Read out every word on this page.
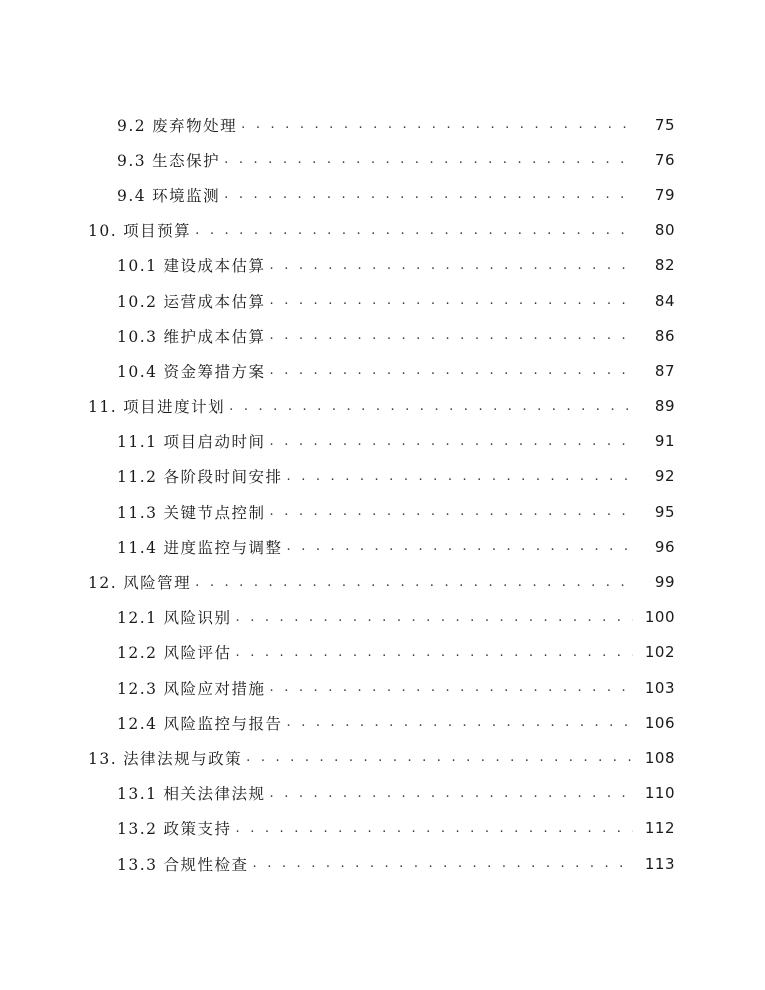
9.2 废弃物处理 . . .	75
9.3 生态保护 . . .	76
9.4 环境监测 . . .	79
10. 项目预算 . . .	80
10.1 建设成本估算 . . .	82
10.2 运营成本估算 . . .	84
10.3 维护成本估算 . . .	86
10.4 资金筹措方案 . . .	87
11. 项目进度计划 . . .	89
11.1 项目启动时间 . . .	91
11.2 各阶段时间安排 . . .	92
11.3 关键节点控制 . . .	95
11.4 进度监控与调整 . . .	96
12. 风险管理 . . .	99
12.1 风险识别 . . .	100
12.2 风险评估 . . .	102
12.3 风险应对措施 . . .	103
12.4 风险监控与报告 . . .	106
13. 法律法规与政策 . . .	108
13.1 相关法律法规 . . .	110
13.2 政策支持 . . .	112
13.3 合规性检查 . . .	113
